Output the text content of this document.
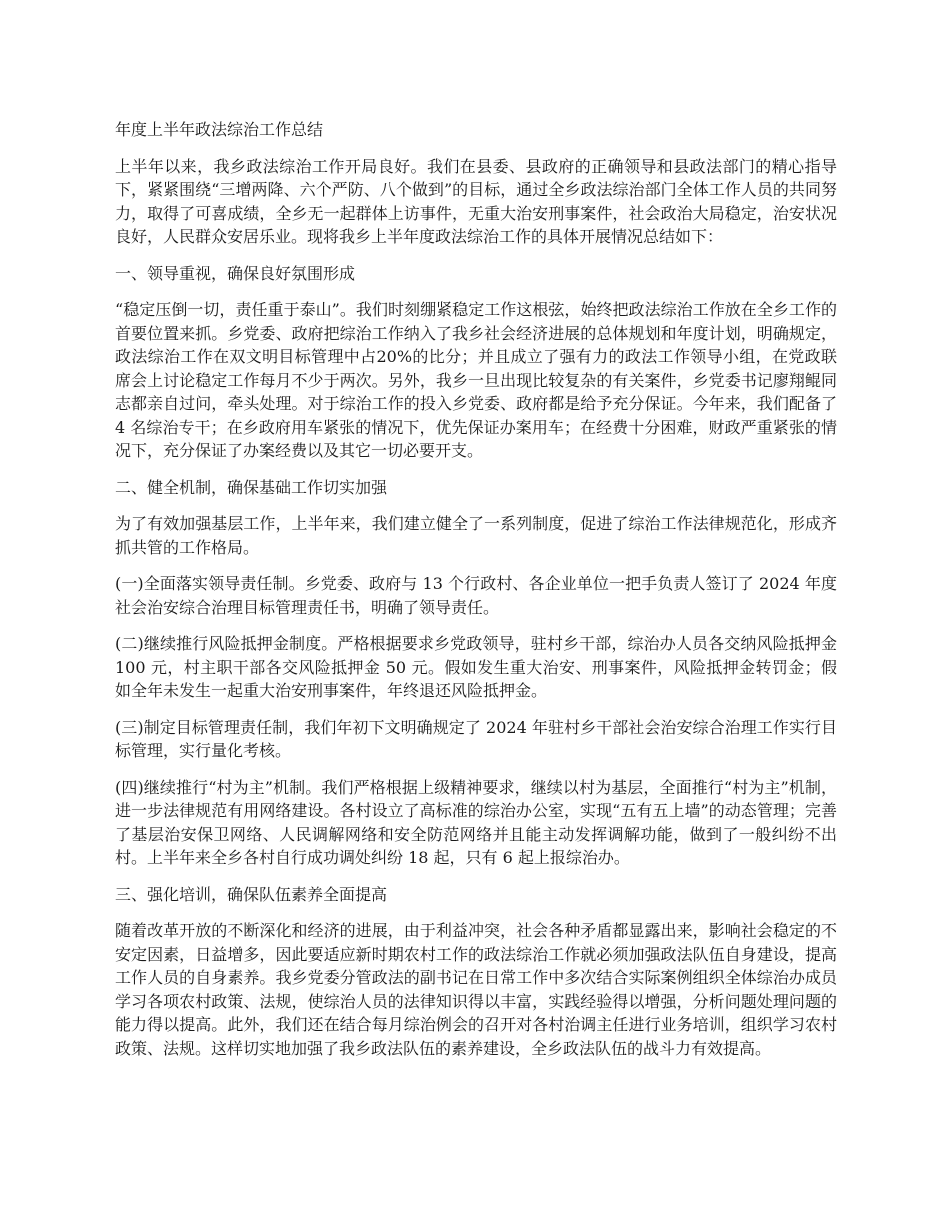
年度上半年政法综治工作总结

上半年以来，我乡政法综治工作开局良好。我们在县委、县政府的正确领导和县政法部门的精心指导下，紧紧围绕“三增两降、六个严防、八个做到”的目标，通过全乡政法综治部门全体工作人员的共同努力，取得了可喜成绩，全乡无一起群体上访事件，无重大治安刑事案件，社会政治大局稳定，治安状况良好，人民群众安居乐业。现将我乡上半年度政法综治工作的具体开展情况总结如下：

一、领导重视，确保良好氛围形成

“稳定压倒一切，责任重于泰山”。我们时刻绷紧稳定工作这根弦，始终把政法综治工作放在全乡工作的首要位置来抓。乡党委、政府把综治工作纳入了我乡社会经济进展的总体规划和年度计划，明确规定，政法综治工作在双文明目标管理中占20%的比分；并且成立了强有力的政法工作领导小组，在党政联席会上讨论稳定工作每月不少于两次。另外，我乡一旦出现比较复杂的有关案件，乡党委书记廖翔鲲同志都亲自过问，牵头处理。对于综治工作的投入乡党委、政府都是给予充分保证。今年来，我们配备了 4 名综治专干；在乡政府用车紧张的情况下，优先保证办案用车；在经费十分困难，财政严重紧张的情况下，充分保证了办案经费以及其它一切必要开支。

二、健全机制，确保基础工作切实加强

为了有效加强基层工作，上半年来，我们建立健全了一系列制度，促进了综治工作法律规范化，形成齐抓共管的工作格局。

(一)全面落实领导责任制。乡党委、政府与 13 个行政村、各企业单位一把手负责人签订了 2024 年度社会治安综合治理目标管理责任书，明确了领导责任。

(二)继续推行风险抵押金制度。严格根据要求乡党政领导，驻村乡干部，综治办人员各交纳风险抵押金 100 元，村主职干部各交风险抵押金 50 元。假如发生重大治安、刑事案件，风险抵押金转罚金；假如全年未发生一起重大治安刑事案件，年终退还风险抵押金。

(三)制定目标管理责任制，我们年初下文明确规定了 2024 年驻村乡干部社会治安综合治理工作实行目标管理，实行量化考核。

(四)继续推行“村为主”机制。我们严格根据上级精神要求，继续以村为基层，全面推行“村为主”机制，进一步法律规范有用网络建设。各村设立了高标准的综治办公室，实现“五有五上墙”的动态管理；完善了基层治安保卫网络、人民调解网络和安全防范网络并且能主动发挥调解功能，做到了一般纠纷不出村。上半年来全乡各村自行成功调处纠纷 18 起，只有 6 起上报综治办。

三、强化培训，确保队伍素养全面提高

随着改革开放的不断深化和经济的进展，由于利益冲突，社会各种矛盾都显露出来，影响社会稳定的不安定因素，日益增多，因此要适应新时期农村工作的政法综治工作就必须加强政法队伍自身建设，提高工作人员的自身素养。我乡党委分管政法的副书记在日常工作中多次结合实际案例组织全体综治办成员学习各项农村政策、法规，使综治人员的法律知识得以丰富，实践经验得以增强，分析问题处理问题的能力得以提高。此外，我们还在结合每月综治例会的召开对各村治调主任进行业务培训，组织学习农村政策、法规。这样切实地加强了我乡政法队伍的素养建设，全乡政法队伍的战斗力有效提高。
